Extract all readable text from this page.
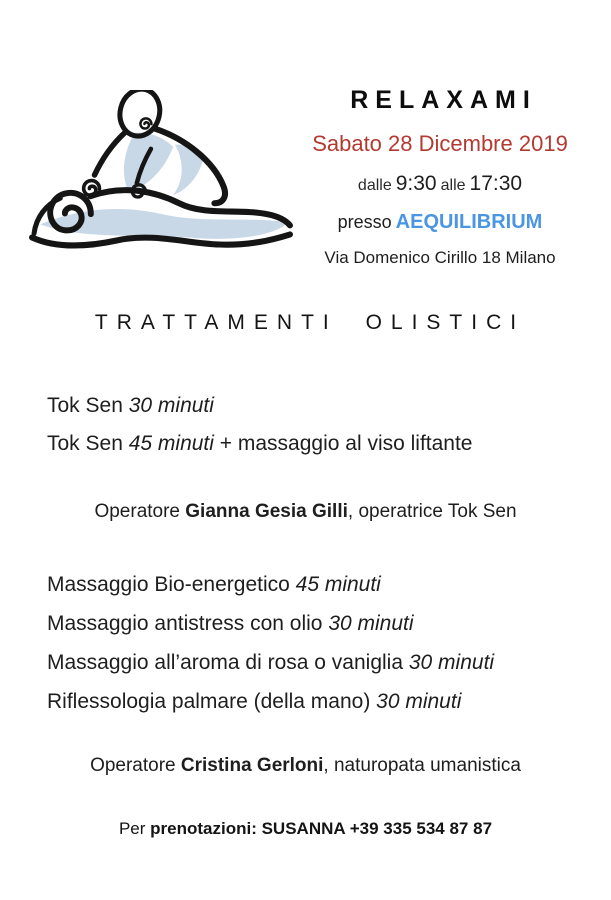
RELAXAMI
Sabato 28 Dicembre 2019
dalle 9:30 alle 17:30
presso AEQUILIBRIUM
Via Domenico Cirillo 18 Milano
TRATTAMENTI OLISTICI
Tok Sen 30 minuti
Tok Sen 45 minuti + massaggio al viso liftante
Operatore Gianna Gesia Gilli, operatrice Tok Sen
Massaggio Bio-energetico 45 minuti
Massaggio antistress con olio 30 minuti
Massaggio all’aroma di rosa o vaniglia 30 minuti
Riflessologia palmare (della mano) 30 minuti
Operatore Cristina Gerloni, naturopata umanistica
Per prenotazioni: SUSANNA +39 335 534 87 87
